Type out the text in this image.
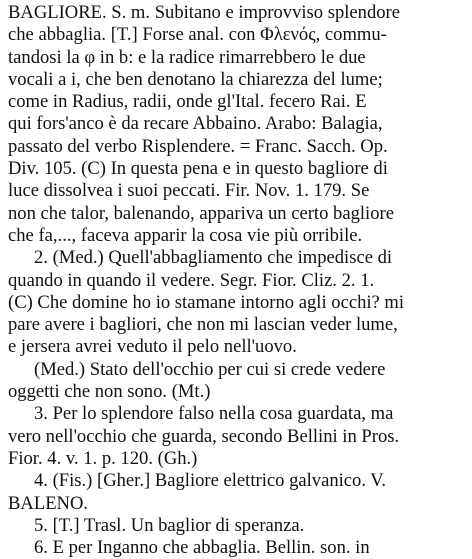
BAGLIORE. S. m. Subitano e improvviso splendore
che abbaglia. [T.] Forse anal. con Φλενός, commu-
tandosi la φ in b: e la radice rimarrebbero le due
vocali a i, che ben denotano la chiarezza del lume;
come in Radius, radii, onde gl'Ital. fecero Rai. E
qui fors'anco è da recare Abbaino. Arabo: Balagia,
passato del verbo Risplendere. = Franc. Sacch. Op.
Div. 105. (C) In questa pena e in questo bagliore di
luce dissolvea i suoi peccati. Fir. Nov. 1. 179. Se
non che talor, balenando, appariva un certo bagliore
che fa,..., faceva apparir la cosa vie più orribile.
2. (Med.) Quell'abbagliamento che impedisce di
quando in quando il vedere. Segr. Fior. Cliz. 2. 1.
(C) Che domine ho io stamane intorno agli occhi? mi
pare avere i bagliori, che non mi lascian veder lume,
e jersera avrei veduto il pelo nell'uovo.
(Med.) Stato dell'occhio per cui si crede vedere
oggetti che non sono. (Mt.)
3. Per lo splendore falso nella cosa guardata, ma
vero nell'occhio che guarda, secondo Bellini in Pros.
Fior. 4. v. 1. p. 120. (Gh.)
4. (Fis.) [Gher.] Bagliore elettrico galvanico. V.
BALENO.
5. [T.] Trasl. Un baglior di speranza.
6. E per Inganno che abbaglia. Bellin. son. in
